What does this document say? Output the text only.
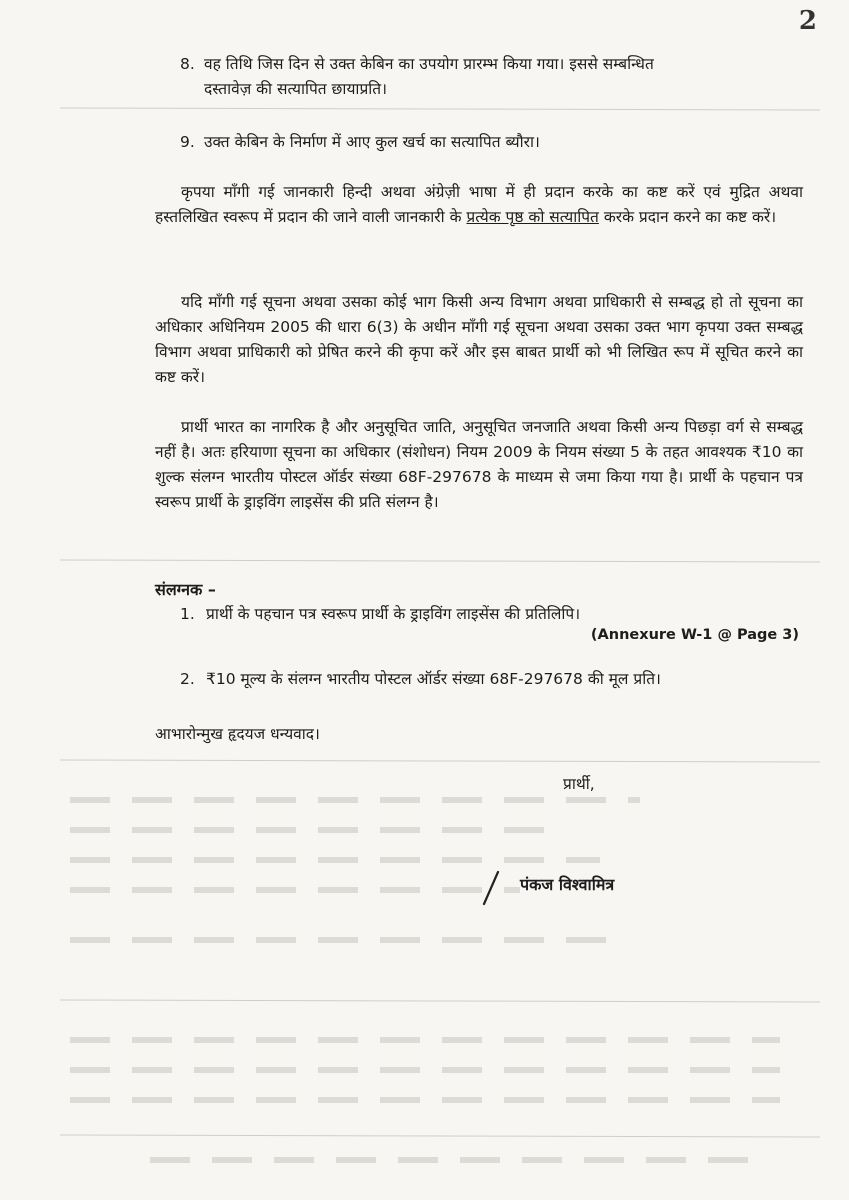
2
8. वह तिथि जिस दिन से उक्त केबिन का उपयोग प्रारम्भ किया गया। इससे सम्बन्धित
दस्तावेज़ की सत्यापित छायाप्रति।
9. उक्त केबिन के निर्माण में आए कुल खर्च का सत्यापित ब्यौरा।
कृपया माँगी गई जानकारी हिन्दी अथवा अंग्रेज़ी भाषा में ही प्रदान करके का कष्ट करें एवं मुद्रित अथवा हस्तलिखित स्वरूप में प्रदान की जाने वाली जानकारी के प्रत्येक पृष्ठ को सत्यापित करके प्रदान करने का कष्ट करें।
यदि माँगी गई सूचना अथवा उसका कोई भाग किसी अन्य विभाग अथवा प्राधिकारी से सम्बद्ध हो तो सूचना का अधिकार अधिनियम 2005 की धारा 6(3) के अधीन माँगी गई सूचना अथवा उसका उक्त भाग कृपया उक्त सम्बद्ध विभाग अथवा प्राधिकारी को प्रेषित करने की कृपा करें और इस बाबत प्रार्थी को भी लिखित रूप में सूचित करने का कष्ट करें।
प्रार्थी भारत का नागरिक है और अनुसूचित जाति, अनुसूचित जनजाति अथवा किसी अन्य पिछड़ा वर्ग से सम्बद्ध नहीं है। अतः हरियाणा सूचना का अधिकार (संशोधन) नियम 2009 के नियम संख्या 5 के तहत आवश्यक ₹10 का शुल्क संलग्न भारतीय पोस्टल ऑर्डर संख्या 68F-297678 के माध्यम से जमा किया गया है। प्रार्थी के पहचान पत्र स्वरूप प्रार्थी के ड्राइविंग लाइसेंस की प्रति संलग्न है।
संलग्नक –
1. प्रार्थी के पहचान पत्र स्वरूप प्रार्थी के ड्राइविंग लाइसेंस की प्रतिलिपि।
(Annexure W-1 @ Page 3)
2. ₹10 मूल्य के संलग्न भारतीय पोस्टल ऑर्डर संख्या 68F-297678 की मूल प्रति।
आभारोन्मुख हृदयज धन्यवाद।
प्रार्थी,
पंकज विश्वामित्र
